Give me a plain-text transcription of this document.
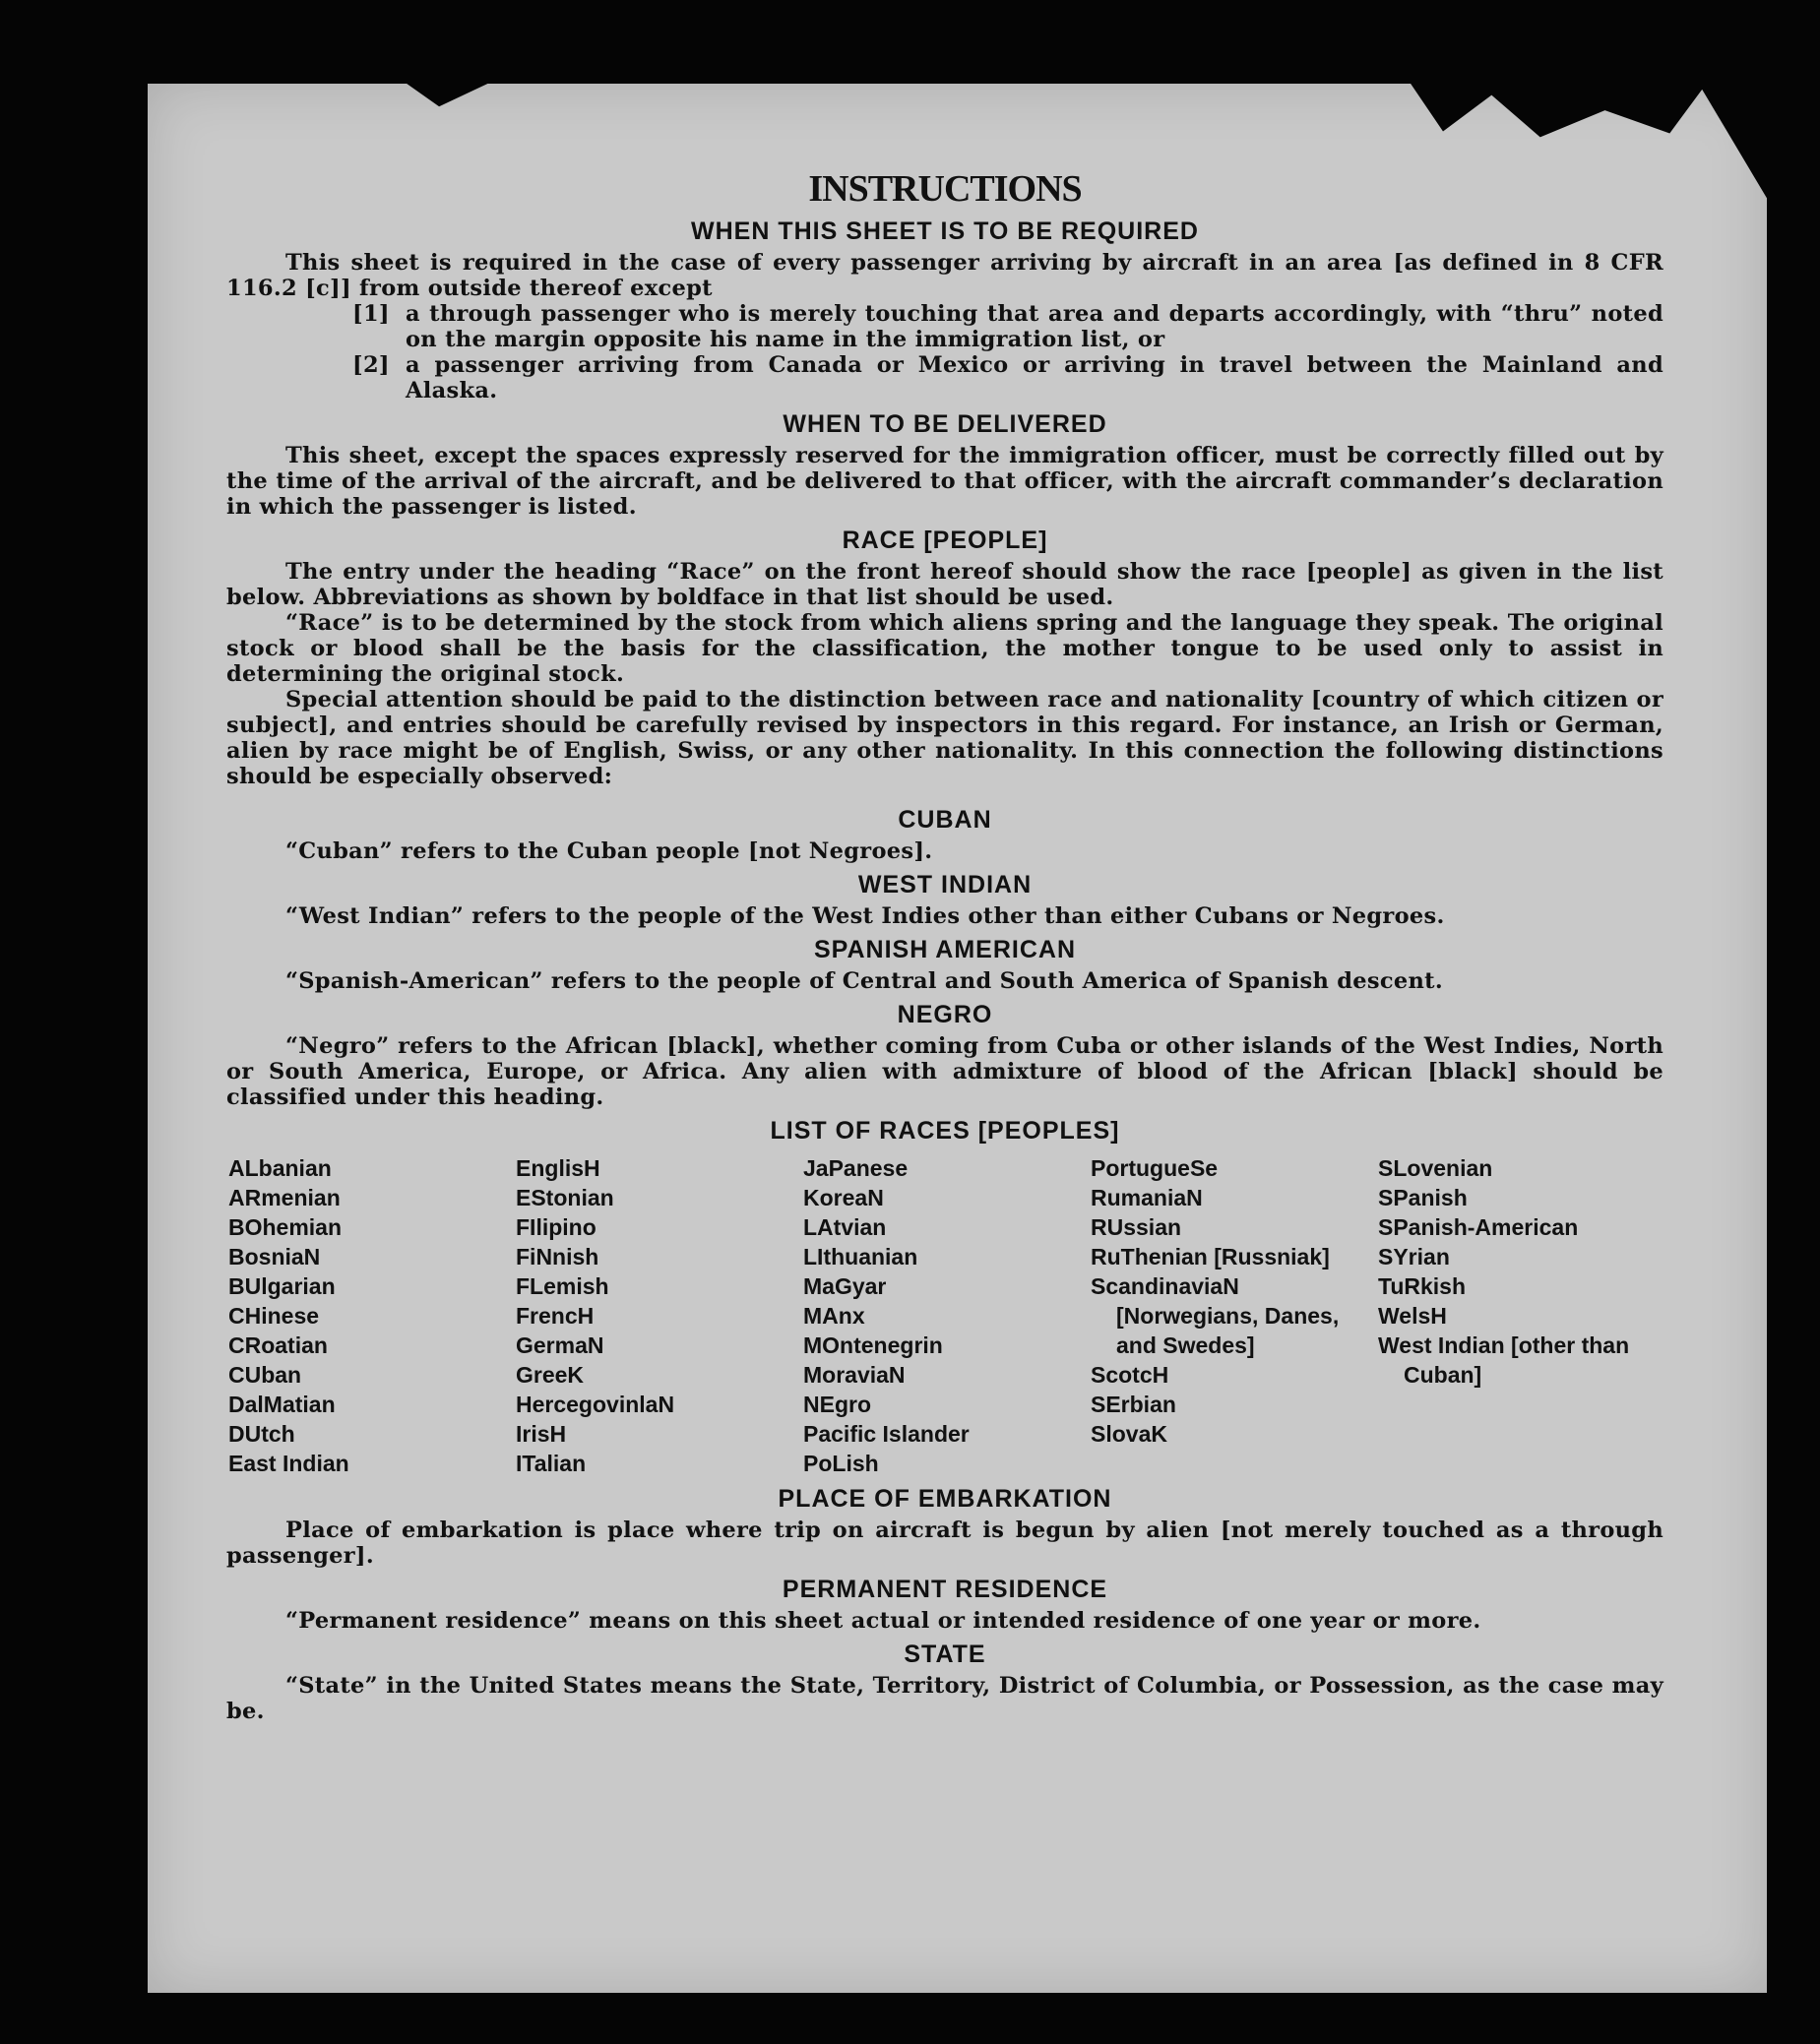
INSTRUCTIONS
WHEN THIS SHEET IS TO BE REQUIRED

This sheet is required in the case of every passenger arriving by aircraft in an area [as defined in 8 CFR 116.2 [c]] from outside thereof except

[1] a through passenger who is merely touching that area and departs accordingly, with “thru” noted on the margin opposite his name in the immigration list, or
[2] a passenger arriving from Canada or Mexico or arriving in travel between the Mainland and Alaska.
WHEN TO BE DELIVERED

This sheet, except the spaces expressly reserved for the immigration officer, must be correctly filled out by the time of the arrival of the aircraft, and be delivered to that officer, with the aircraft commander’s declaration in which the passenger is listed.

RACE [PEOPLE]

The entry under the heading “Race” on the front hereof should show the race [people] as given in the list below. Abbreviations as shown by boldface in that list should be used.

“Race” is to be determined by the stock from which aliens spring and the language they speak. The original stock or blood shall be the basis for the classification, the mother tongue to be used only to assist in determining the original stock.

Special attention should be paid to the distinction between race and nationality [country of which citizen or subject], and entries should be carefully revised by inspectors in this regard. For instance, an Irish or German, alien by race might be of English, Swiss, or any other nationality. In this connection the following distinctions should be especially observed:

CUBAN

“Cuban” refers to the Cuban people [not Negroes].

WEST INDIAN

“West Indian” refers to the people of the West Indies other than either Cubans or Negroes.

SPANISH AMERICAN

“Spanish-American” refers to the people of Central and South America of Spanish descent.

NEGRO

“Negro” refers to the African [black], whether coming from Cuba or other islands of the West Indies, North or South America, Europe, or Africa. Any alien with admixture of blood of the African [black] should be classified under this heading.

LIST OF RACES [PEOPLES]
ALbanian
ARmenian
BOhemian
BosniaN
BUlgarian
CHinese
CRoatian
CUban
DalMatian
DUtch
East Indian
EnglisH
EStonian
FIlipino
FiNnish
FLemish
FrencH
GermaN
GreeK
HercegovinlaN
IrisH
ITalian
JaPanese
KoreaN
LAtvian
LIthuanian
MaGyar
MAnx
MOntenegrin
MoraviaN
NEgro
Pacific Islander
PoLish
PortugueSe
RumaniaN
RUssian
RuThenian [Russniak]
ScandinaviaN [Norwegians, Danes, and Swedes]
ScotcH
SErbian
SlovaK
SLovenian
SPanish
SPanish-American
SYrian
TuRkish
WelsH
West Indian [other than Cuban]
PLACE OF EMBARKATION

Place of embarkation is place where trip on aircraft is begun by alien [not merely touched as a through passenger].

PERMANENT RESIDENCE

“Permanent residence” means on this sheet actual or intended residence of one year or more.

STATE

“State” in the United States means the State, Territory, District of Columbia, or Possession, as the case may be.
